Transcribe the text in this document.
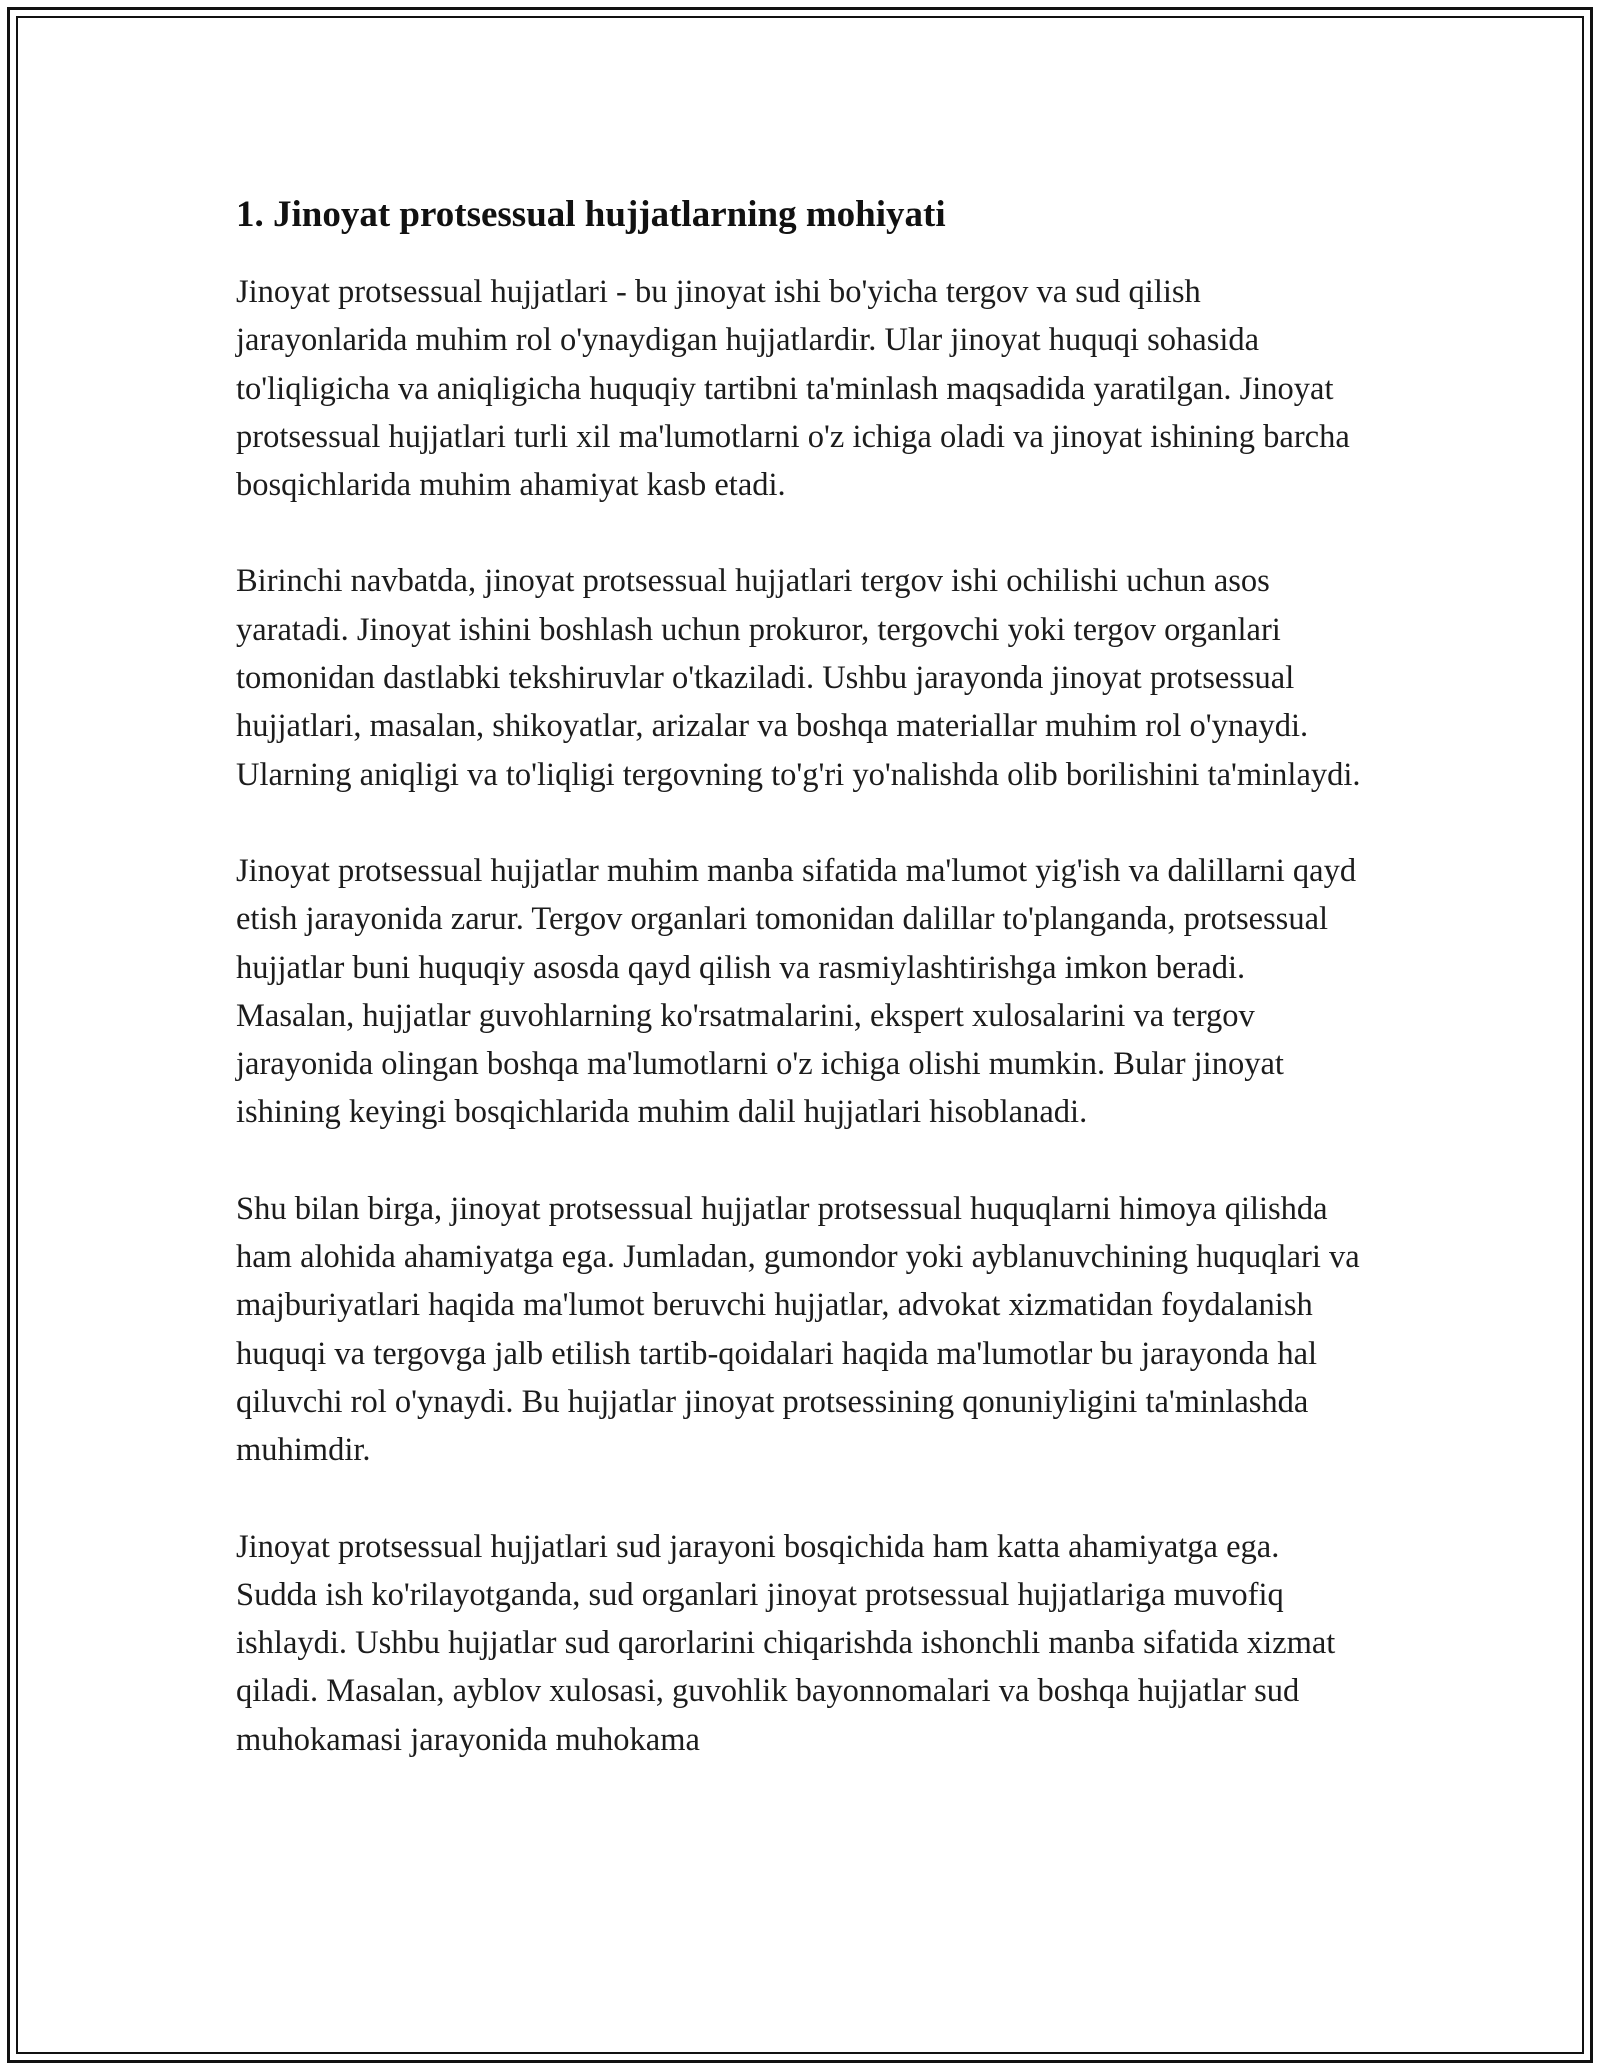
1. Jinoyat protsessual hujjatlarning mohiyati

Jinoyat protsessual hujjatlari - bu jinoyat ishi bo'yicha tergov va sud qilish jarayonlarida muhim rol o'ynaydigan hujjatlardir. Ular jinoyat huquqi sohasida to'liqligicha va aniqligicha huquqiy tartibni ta'minlash maqsadida yaratilgan. Jinoyat protsessual hujjatlari turli xil ma'lumotlarni o'z ichiga oladi va jinoyat ishining barcha bosqichlarida muhim ahamiyat kasb etadi.

Birinchi navbatda, jinoyat protsessual hujjatlari tergov ishi ochilishi uchun asos yaratadi. Jinoyat ishini boshlash uchun prokuror, tergovchi yoki tergov organlari tomonidan dastlabki tekshiruvlar o'tkaziladi. Ushbu jarayonda jinoyat protsessual hujjatlari, masalan, shikoyatlar, arizalar va boshqa materiallar muhim rol o'ynaydi. Ularning aniqligi va to'liqligi tergovning to'g'ri yo'nalishda olib borilishini ta'minlaydi.

Jinoyat protsessual hujjatlar muhim manba sifatida ma'lumot yig'ish va dalillarni qayd etish jarayonida zarur. Tergov organlari tomonidan dalillar to'planganda, protsessual hujjatlar buni huquqiy asosda qayd qilish va rasmiylashtirishga imkon beradi. Masalan, hujjatlar guvohlarning ko'rsatmalarini, ekspert xulosalarini va tergov jarayonida olingan boshqa ma'lumotlarni o'z ichiga olishi mumkin. Bular jinoyat ishining keyingi bosqichlarida muhim dalil hujjatlari hisoblanadi.

Shu bilan birga, jinoyat protsessual hujjatlar protsessual huquqlarni himoya qilishda ham alohida ahamiyatga ega. Jumladan, gumondor yoki ayblanuvchining huquqlari va majburiyatlari haqida ma'lumot beruvchi hujjatlar, advokat xizmatidan foydalanish huquqi va tergovga jalb etilish tartib-qoidalari haqida ma'lumotlar bu jarayonda hal qiluvchi rol o'ynaydi. Bu hujjatlar jinoyat protsessining qonuniyligini ta'minlashda muhimdir.

Jinoyat protsessual hujjatlari sud jarayoni bosqichida ham katta ahamiyatga ega. Sudda ish ko'rilayotganda, sud organlari jinoyat protsessual hujjatlariga muvofiq ishlaydi. Ushbu hujjatlar sud qarorlarini chiqarishda ishonchli manba sifatida xizmat qiladi. Masalan, ayblov xulosasi, guvohlik bayonnomalari va boshqa hujjatlar sud muhokamasi jarayonida muhokama
